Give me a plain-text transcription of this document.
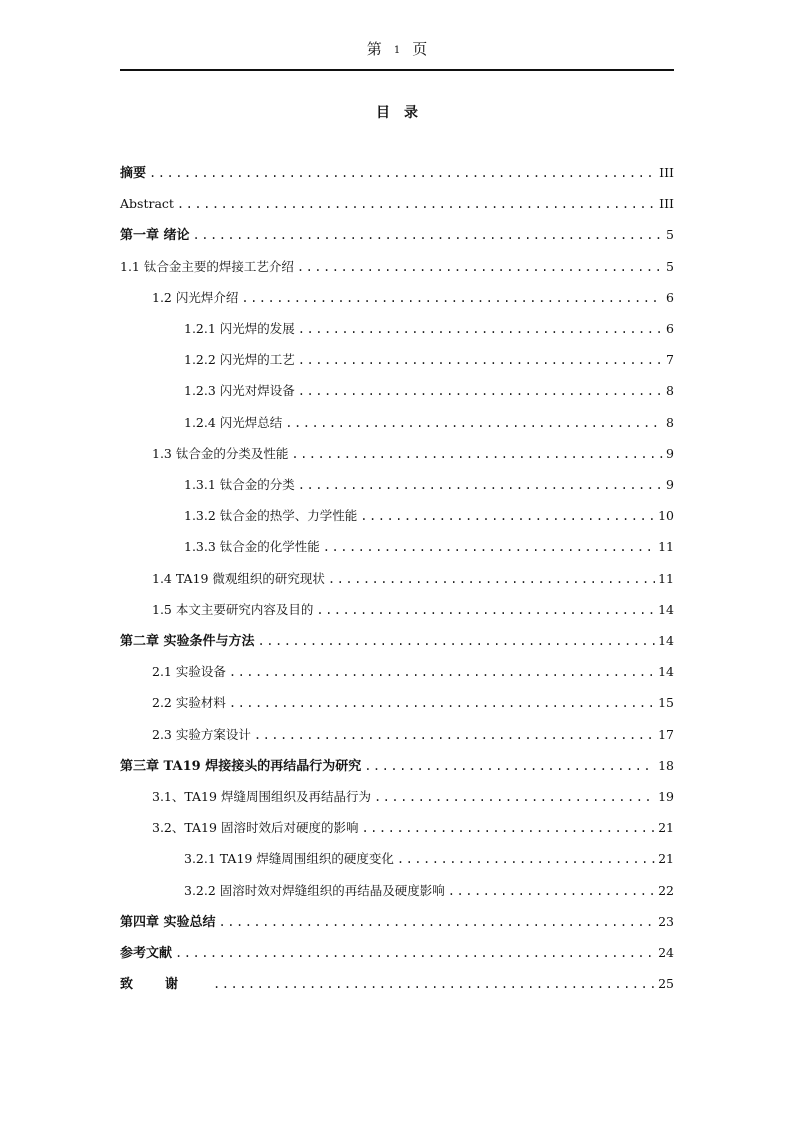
第 1 页
目录
摘要 .....	III
Abstract .....	III
第一章 绪论 .....	5
1.1 钛合金主要的焊接工艺介绍 .....	5
1.2 闪光焊介绍 .....	6
1.2.1 闪光焊的发展 .....	6
1.2.2 闪光焊的工艺 .....	7
1.2.3 闪光对焊设备 .....	8
1.2.4 闪光焊总结 .....	8
1.3 钛合金的分类及性能 .....	9
1.3.1 钛合金的分类 .....	9
1.3.2 钛合金的热学、力学性能 .....	10
1.3.3 钛合金的化学性能 .....	11
1.4 TA19 微观组织的研究现状 .....	11
1.5 本文主要研究内容及目的 .....	14
第二章 实验条件与方法 .....	14
2.1 实验设备 .....	14
2.2 实验材料 .....	15
2.3 实验方案设计 .....	17
第三章 TA19 焊接接头的再结晶行为研究 .....	18
3.1、TA19 焊缝周围组织及再结晶行为 .....	19
3.2、TA19 固溶时效后对硬度的影响 .....	21
3.2.1 TA19 焊缝周围组织的硬度变化 .....	21
3.2.2 固溶时效对焊缝组织的再结晶及硬度影响 .....	22
第四章 实验总结 .....	23
参考文献 .....	24
致谢 .....	25
